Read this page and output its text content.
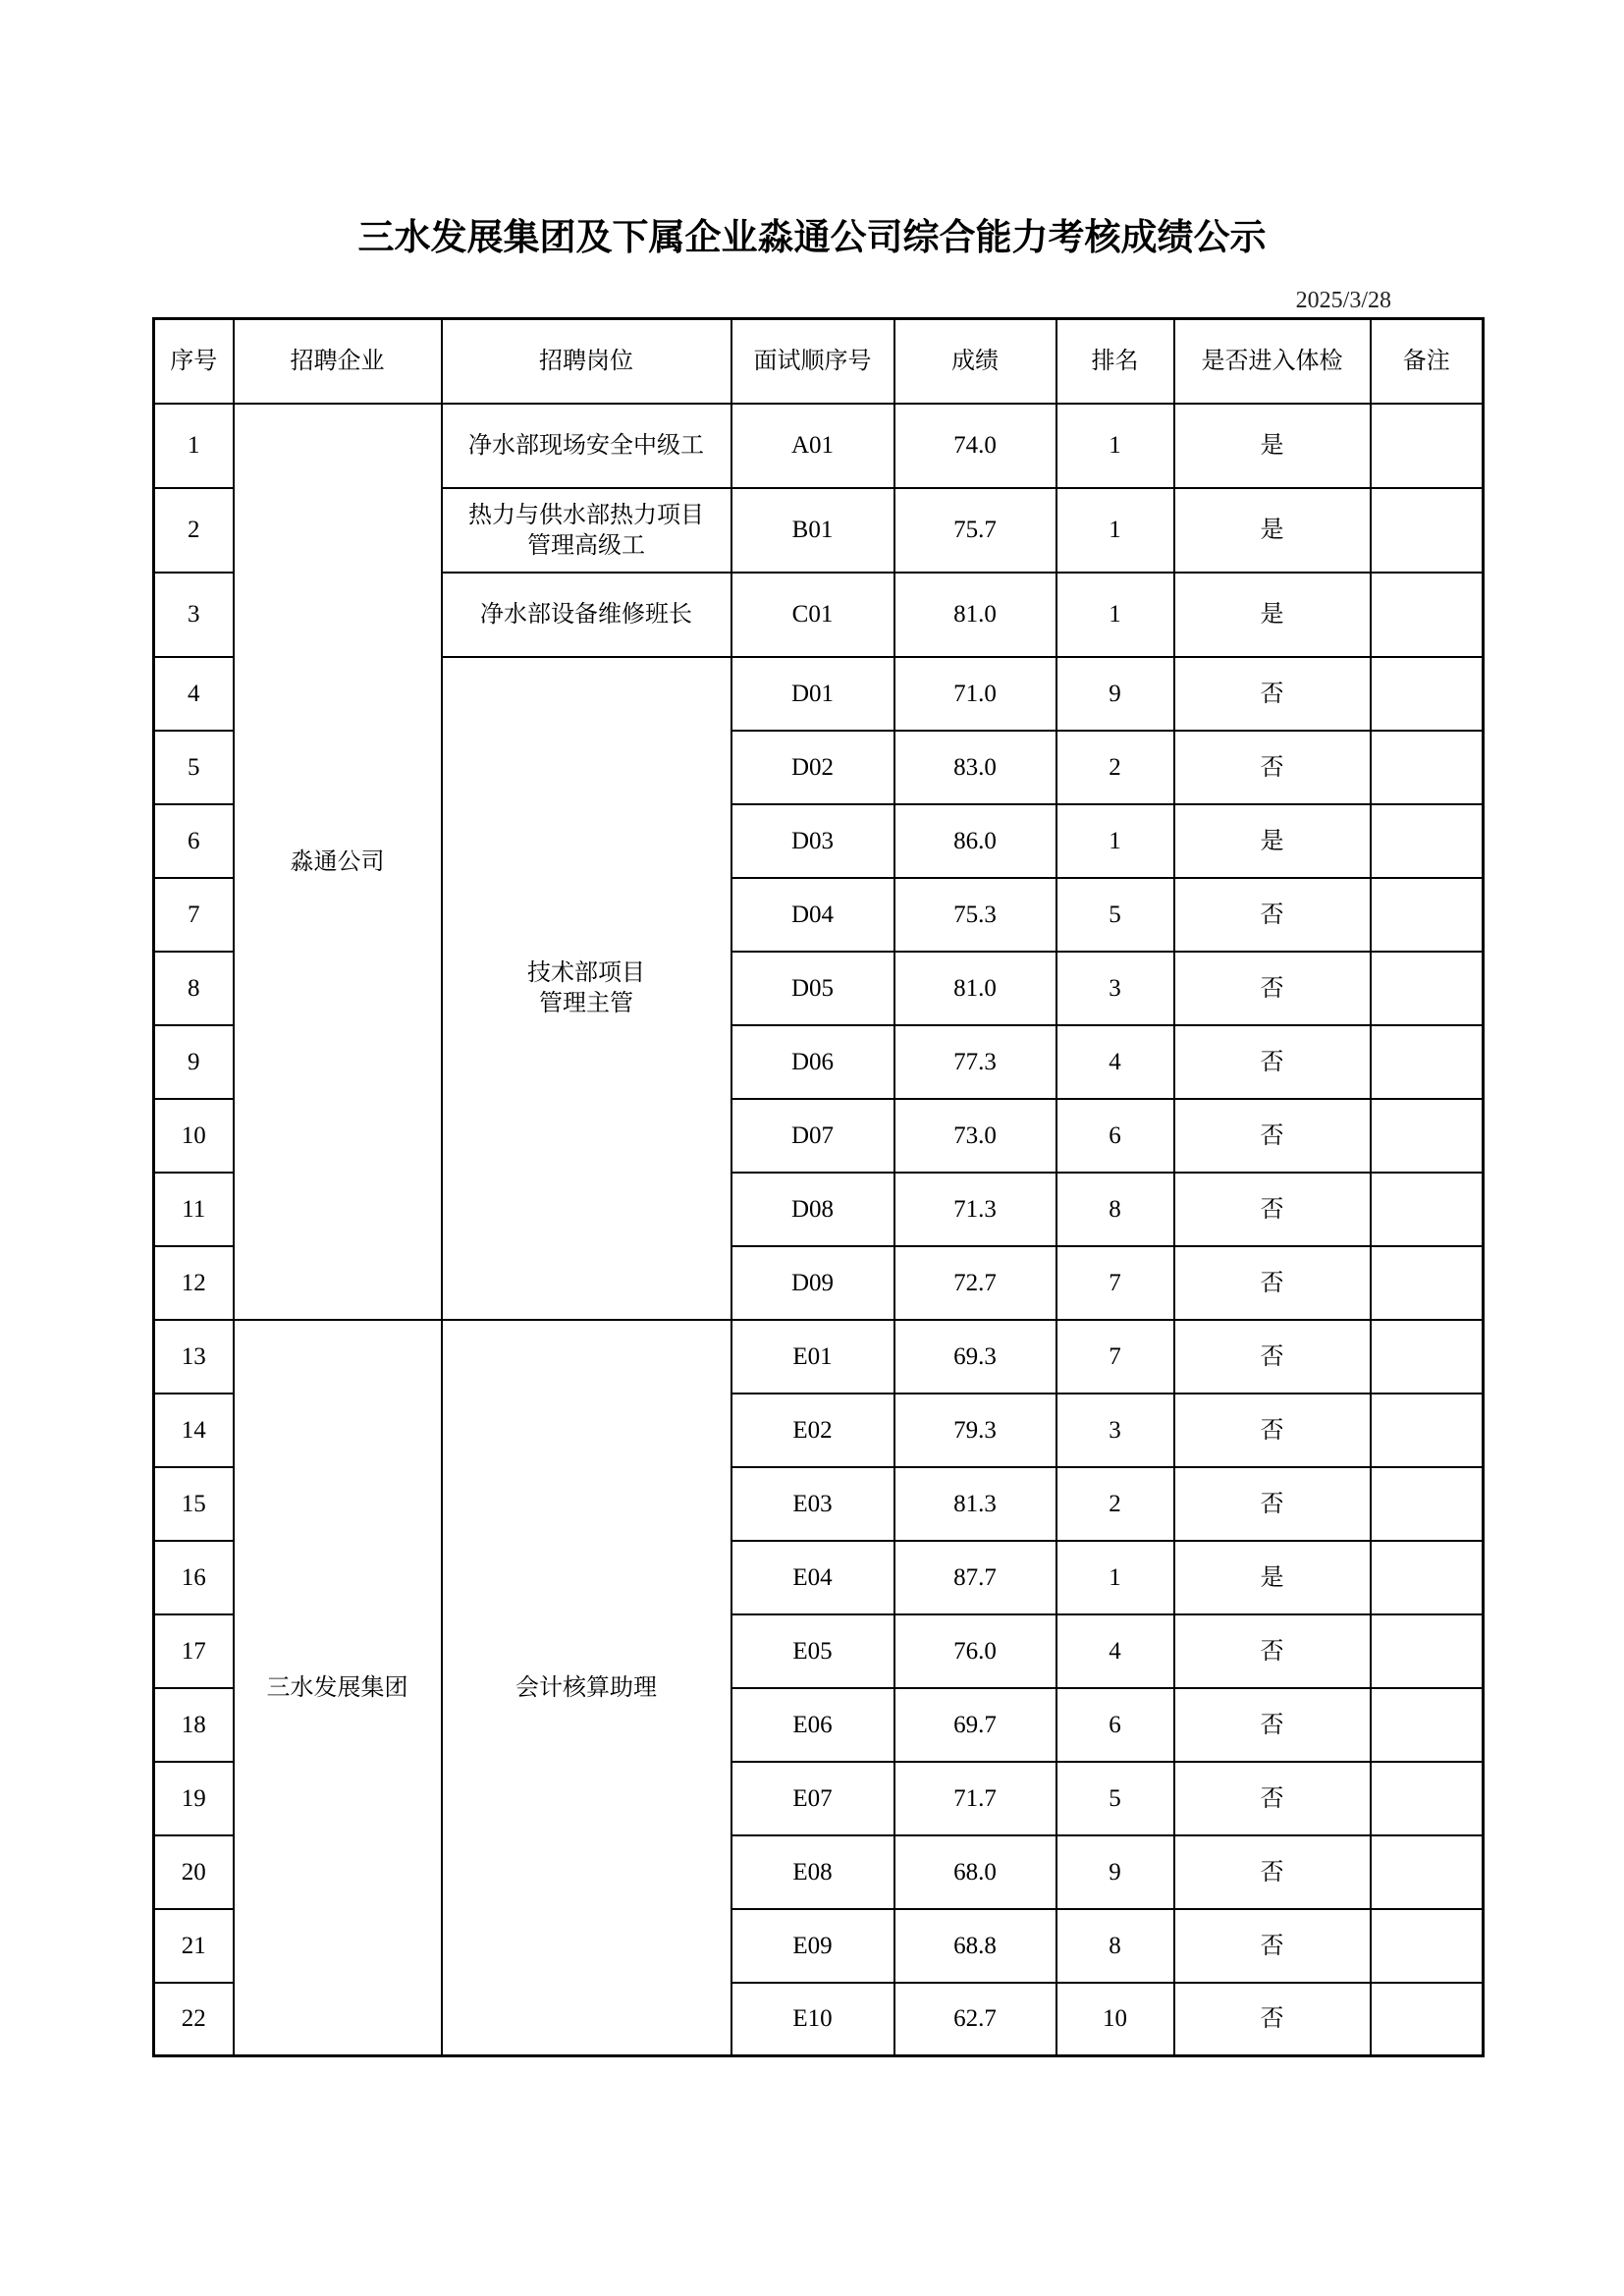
三水发展集团及下属企业淼通公司综合能力考核成绩公示
2025/3/28
序号	招聘企业	招聘岗位	面试顺序号	成绩	排名	是否进入体检	备注
1	淼通公司	净水部现场安全中级工	A01	74.0	1	是	
2		热力与供水部热力项目
管理高级工	B01	75.7	1	是	
3		净水部设备维修班长	C01	81.0	1	是	
4		技术部项目
管理主管	D01	71.0	9	否	
5			D02	83.0	2	否	
6			D03	86.0	1	是	
7			D04	75.3	5	否	
8			D05	81.0	3	否	
9			D06	77.3	4	否	
10			D07	73.0	6	否	
11			D08	71.3	8	否	
12			D09	72.7	7	否	
13	三水发展集团	会计核算助理	E01	69.3	7	否	
14			E02	79.3	3	否	
15			E03	81.3	2	否	
16			E04	87.7	1	是	
17			E05	76.0	4	否	
18			E06	69.7	6	否	
19			E07	71.7	5	否	
20			E08	68.0	9	否	
21			E09	68.8	8	否	
22			E10	62.7	10	否	
